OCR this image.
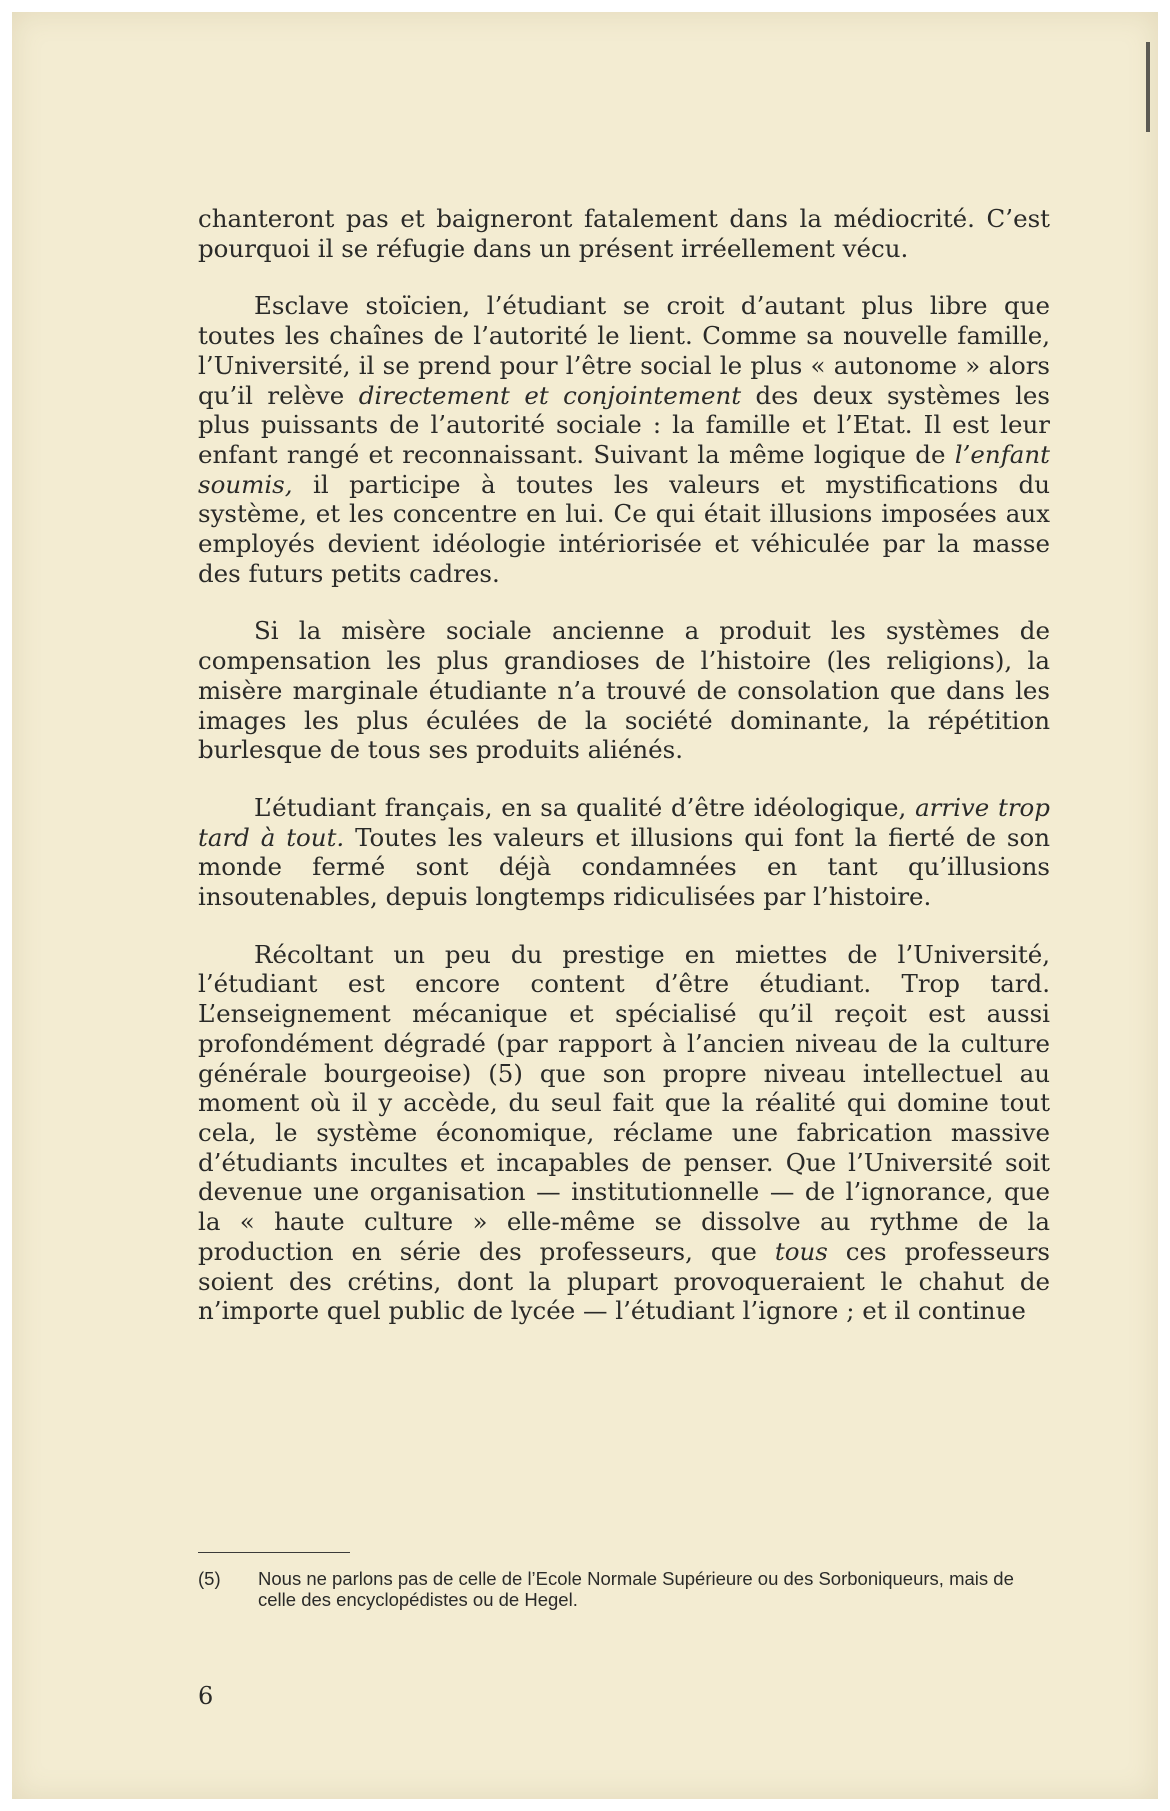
chanteront pas et baigneront fatalement dans la médiocrité. C’est pourquoi il se réfugie dans un présent irréellement vécu.

Esclave stoïcien, l’étudiant se croit d’autant plus libre que toutes les chaînes de l’autorité le lient. Comme sa nouvelle famille, l’Université, il se prend pour l’être social le plus « autonome » alors qu’il relève directement et conjointement des deux systèmes les plus puissants de l’autorité sociale : la famille et l’Etat. Il est leur enfant rangé et reconnaissant. Suivant la même logique de l’enfant soumis, il participe à toutes les valeurs et mystifications du système, et les concentre en lui. Ce qui était illusions imposées aux employés devient idéologie intériorisée et véhiculée par la masse des futurs petits cadres.

Si la misère sociale ancienne a produit les systèmes de compensation les plus grandioses de l’histoire (les religions), la misère marginale étudiante n’a trouvé de consolation que dans les images les plus éculées de la société dominante, la répétition burlesque de tous ses produits aliénés.

L’étudiant français, en sa qualité d’être idéologique, arrive trop tard à tout. Toutes les valeurs et illusions qui font la fierté de son monde fermé sont déjà condamnées en tant qu’illusions insoutenables, depuis longtemps ridiculisées par l’histoire.

Récoltant un peu du prestige en miettes de l’Université, l’étudiant est encore content d’être étudiant. Trop tard. L’enseignement mécanique et spécialisé qu’il reçoit est aussi profondément dégradé (par rapport à l’ancien niveau de la culture générale bourgeoise) (5) que son propre niveau intellectuel au moment où il y accède, du seul fait que la réalité qui domine tout cela, le système économique, réclame une fabrication massive d’étudiants incultes et incapables de penser. Que l’Université soit devenue une organisation — institutionnelle — de l’ignorance, que la « haute culture » elle-même se dissolve au rythme de la production en série des professeurs, que tous ces professeurs soient des crétins, dont la plupart provoqueraient le chahut de n’importe quel public de lycée — l’étudiant l’ignore ; et il continue

(5)	Nous ne parlons pas de celle de l’Ecole Normale Supérieure ou des Sorboniqueurs, mais de celle des encyclopédistes ou de Hegel.
6
